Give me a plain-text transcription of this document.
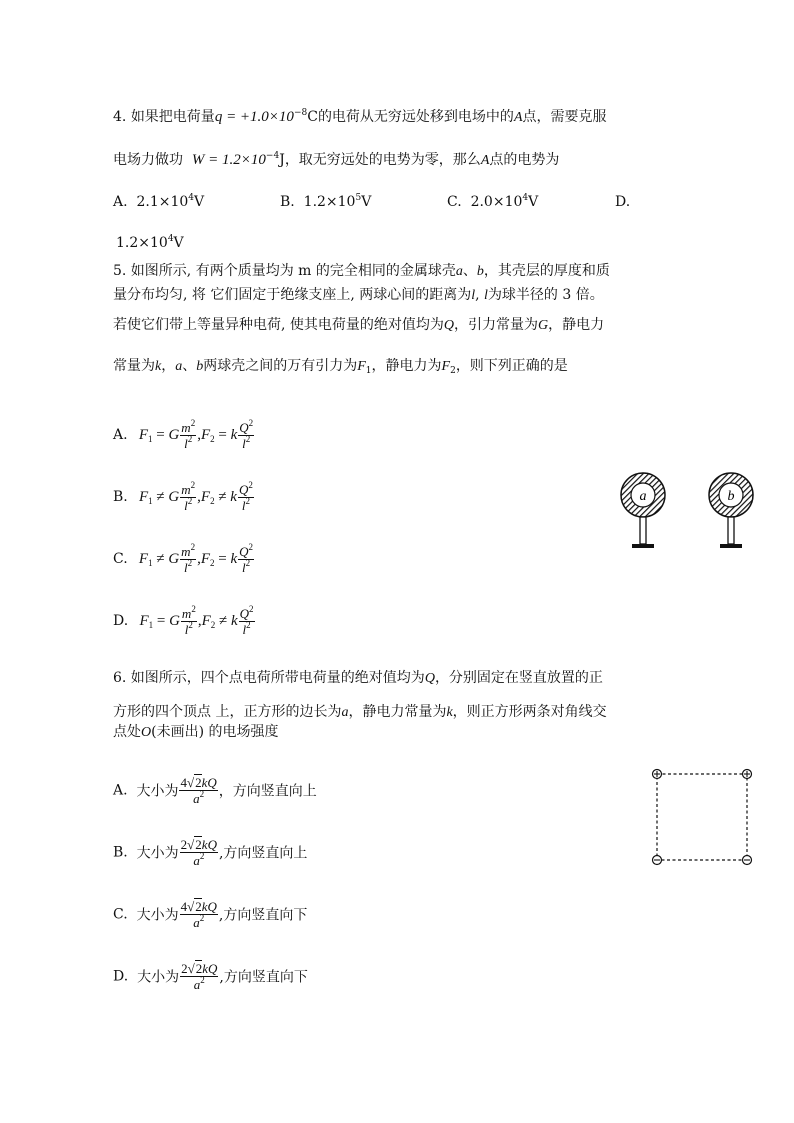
4. 如果把电荷量$q = +1.0\times 10^{-8}C$的电荷从无穷远处移到电场中的A点，需要克服
电场力做功 $W = 1.2\times 10^{-4}J$，取无穷远处的电势为零，那么A点的电势为
A. $2.1\times 10^4V$	B. $1.2\times 10^5V$	C. $2.0\times 10^4V$	D.
$1.2\times 10^4V$
5. 如图所示, 有两个质量均为 m 的完全相同的金属球壳a、b，其壳层的厚度和质
量分布均匀, 将 它们固定于绝缘支座上, 两球心间的距离为l, l为球半径的 3 倍。
若使它们带上等量异种电荷, 使其电荷量的绝对值均为Q，引力常量为G，静电力
常量为k，a、b两球壳之间的万有引力为$F_1$，静电力为$F_2$，则下列正确的是
A. $F_1 = G \frac{m^2}{l^2} ,F_2 = k \frac{Q^2}{l^2}$
B. $F_1 \ne G \frac{m^2}{l^2} ,F_2 \ne k \frac{Q^2}{l^2}$
C. $F_1 \ne G \frac{m^2}{l^2} ,F_2 = k \frac{Q^2}{l^2}$
D. $F_1 = G \frac{m^2}{l^2} ,F_2 \ne k \frac{Q^2}{l^2}$
a	b
6. 如图所示，四个点电荷所带电荷量的绝对值均为Q，分别固定在竖直放置的正
方形的四个顶点 上，正方形的边长为a，静电力常量为k，则正方形两条对角线交
点处O(未画出) 的电场强度
A. 大小为 $\frac{4√2kQ}{a^2}$ ，方向竖直向上
B. 大小为 $\frac{2√2kQ}{a^2}$ ,方向竖直向上
C. 大小为 $\frac{4√2kQ}{a^2}$ ,方向竖直向下
D. 大小为 $\frac{2√2kQ}{a^2}$ ,方向竖直向下
